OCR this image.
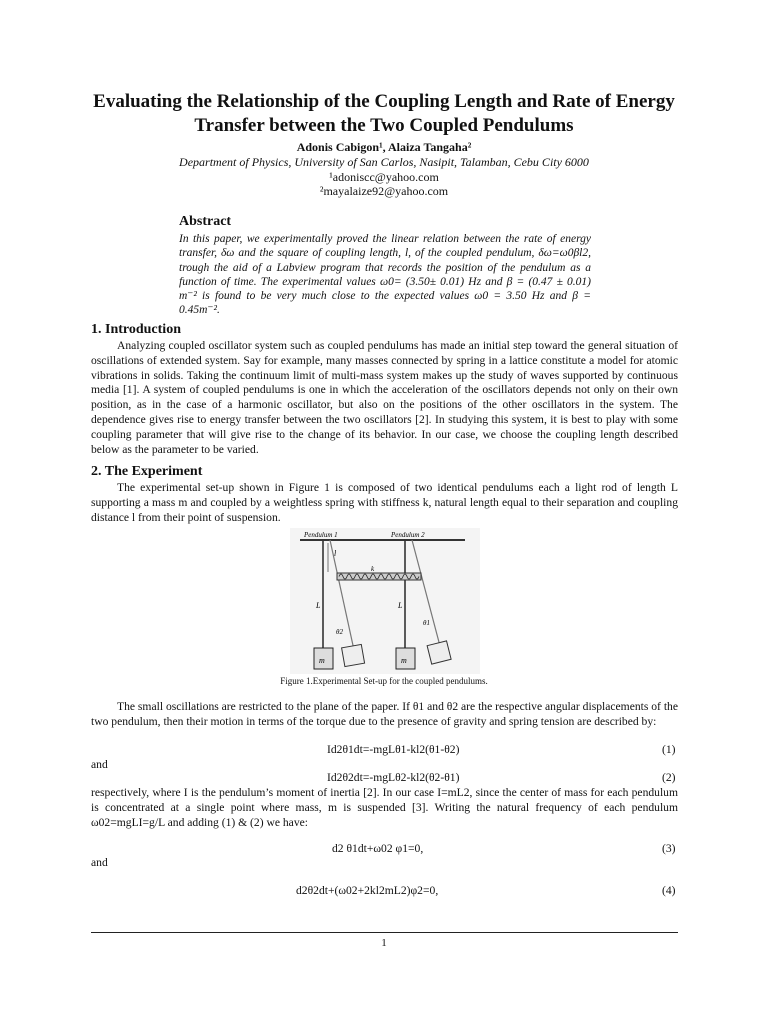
Evaluating the Relationship of the Coupling Length and Rate of Energy Transfer between the Two Coupled Pendulums
Adonis Cabigon¹, Alaiza Tangaha²
Department of Physics, University of San Carlos, Nasipit, Talamban, Cebu City 6000
¹adoniscc@yahoo.com
²mayalaize92@yahoo.com
Abstract
In this paper, we experimentally proved the linear relation between the rate of energy transfer, δω and the square of coupling length, l, of the coupled pendulum, δω=ω0βl2, trough the aid of a Labview program that records the position of the pendulum as a function of time. The experimental values ω0= (3.50± 0.01) Hz and β = (0.47 ± 0.01) m⁻² is found to be very much close to the expected values ω0 = 3.50 Hz and β = 0.45m⁻².
1. Introduction
Analyzing coupled oscillator system such as coupled pendulums has made an initial step toward the general situation of oscillations of extended system. Say for example, many masses connected by spring in a lattice constitute a model for atomic vibrations in solids. Taking the continuum limit of multi-mass system makes up the study of waves supported by continuous media [1]. A system of coupled pendulums is one in which the acceleration of the oscillators depends not only on their own position, as in the case of a harmonic oscillator, but also on the positions of the other oscillators in the system. The dependence gives rise to energy transfer between the two oscillators [2]. In studying this system, it is best to play with some coupling parameter that will give rise to the change of its behavior. In our case, we choose the coupling length described below as the parameter to be varied.
2. The Experiment
The experimental set-up shown in Figure 1 is composed of two identical pendulums each a light rod of length L supporting a mass m and coupled by a weightless spring with stiffness k, natural length equal to their separation and coupling distance l from their point of suspension.
Pendulum 1	Pendulum 2
l
k
L	L
θ2
θ1
m	m
Figure 1.Experimental Set-up for the coupled pendulums.
The small oscillations are restricted to the plane of the paper. If θ1 and θ2 are the respective angular displacements of the two pendulum, then their motion in terms of the torque due to the presence of gravity and spring tension are described by:
Id2θ1dt=-mgLθ1-kl2(θ1-θ2)	(1)
and
Id2θ2dt=-mgLθ2-kl2(θ2-θ1)	(2)
respectively, where I is the pendulum’s moment of inertia [2]. In our case I=mL2, since the center of mass for each pendulum is concentrated at a single point where mass, m is suspended [3]. Writing the natural frequency of each pendulum ω02=mgLI=g/L and adding (1) & (2) we have:
d2 θ1dt+ω02 φ1=0,	(3)
and
d2θ2dt+(ω02+2kl2mL2)φ2=0,	(4)
1
